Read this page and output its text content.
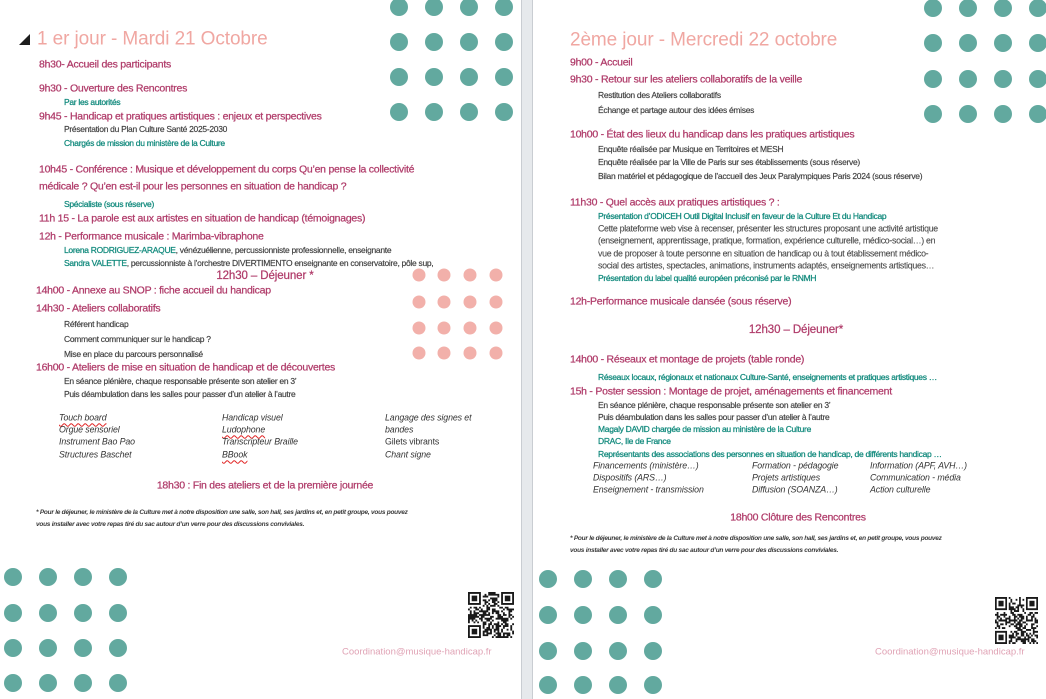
1 er jour - Mardi 21 Octobre
8h30- Accueil des participants
9h30 - Ouverture des Rencontres
Par les autorités
9h45 - Handicap et pratiques artistiques : enjeux et perspectives
Présentation du Plan Culture Santé 2025-2030
Chargés de mission du ministère de la Culture
10h45 - Conférence : Musique et développement du corps Qu’en pense la collectivité
médicale ? Qu’en est-il pour les personnes en situation de handicap ?
Spécialiste (sous réserve)
11h 15 - La parole est aux artistes en situation de handicap (témoignages)
12h - Performance musicale : Marimba-vibraphone
Lorena RODRIGUEZ-ARAQUE, vénézuélienne, percussionniste professionnelle, enseignante
Sandra VALETTE, percussionniste à l’orchestre DIVERTIMENTO enseignante en conservatoire, pôle sup,
12h30 – Déjeuner *
14h00 - Annexe au SNOP : fiche accueil du handicap
14h30 - Ateliers collaboratifs
Référent handicap
Comment communiquer sur le handicap ?
Mise en place du parcours personnalisé
16h00 - Ateliers de mise en situation de handicap et de découvertes
En séance plénière, chaque responsable présente son atelier en 3’
Puis déambulation dans les salles pour passer d’un atelier à l’autre
Touch board
Orgue sensoriel
Instrument Bao Pao
Structures Baschet
Handicap visuel
Ludophone
Transcripteur Braille
BBook
Langage des signes et
bandes
Gilets vibrants
Chant signe
18h30 : Fin des ateliers et de la première journée
* Pour le déjeuner, le ministère de la Culture met à notre disposition une salle, son hall, ses jardins et, en petit groupe, vous pouvez
vous installer avec votre repas tiré du sac autour d’un verre pour des discussions conviviales.
Coordination@musique-handicap.fr
2ème jour - Mercredi 22 octobre
9h00 - Accueil
9h30 - Retour sur les ateliers collaboratifs de la veille
Restitution des Ateliers collaboratifs
Échange et partage autour des idées émises
10h00 - État des lieux du handicap dans les pratiques artistiques
Enquête réalisée par Musique en Territoires et MESH
Enquête réalisée par la Ville de Paris sur ses établissements (sous réserve)
Bilan matériel et pédagogique de l’accueil des Jeux Paralympiques Paris 2024 (sous réserve)
11h30 - Quel accès aux pratiques artistiques ? :
Présentation d’ODICEH Outil Digital Inclusif en faveur de la Culture Et du Handicap
Cette plateforme web vise à recenser, présenter les structures proposant une activité artistique
(enseignement, apprentissage, pratique, formation, expérience culturelle, médico-social…) en
vue de proposer à toute personne en situation de handicap ou à tout établissement médico-
social des artistes, spectacles, animations, instruments adaptés, enseignements artistiques…
Présentation du label qualité européen préconisé par le RNMH
12h-Performance musicale dansée (sous réserve)
12h30 – Déjeuner*
14h00 - Réseaux et montage de projets (table ronde)
Réseaux locaux, régionaux et nationaux Culture-Santé, enseignements et pratiques artistiques …
15h - Poster session : Montage de projet, aménagements et financement
En séance plénière, chaque responsable présente son atelier en 3’
Puis déambulation dans les salles pour passer d’un atelier à l’autre
Magaly DAVID chargée de mission au ministère de la Culture
DRAC, Ile de France
Représentants des associations des personnes en situation de handicap, de différents handicap …
Financements (ministère…)
Dispositifs (ARS…)
Enseignement - transmission
Formation - pédagogie
Projets artistiques
Diffusion (SOANZA…)
Information (APF, AVH…)
Communication - média
Action culturelle
18h00 Clôture des Rencontres
* Pour le déjeuner, le ministère de la Culture met à notre disposition une salle, son hall, ses jardins et, en petit groupe, vous pouvez
vous installer avec votre repas tiré du sac autour d’un verre pour des discussions conviviales.
Coordination@musique-handicap.fr
